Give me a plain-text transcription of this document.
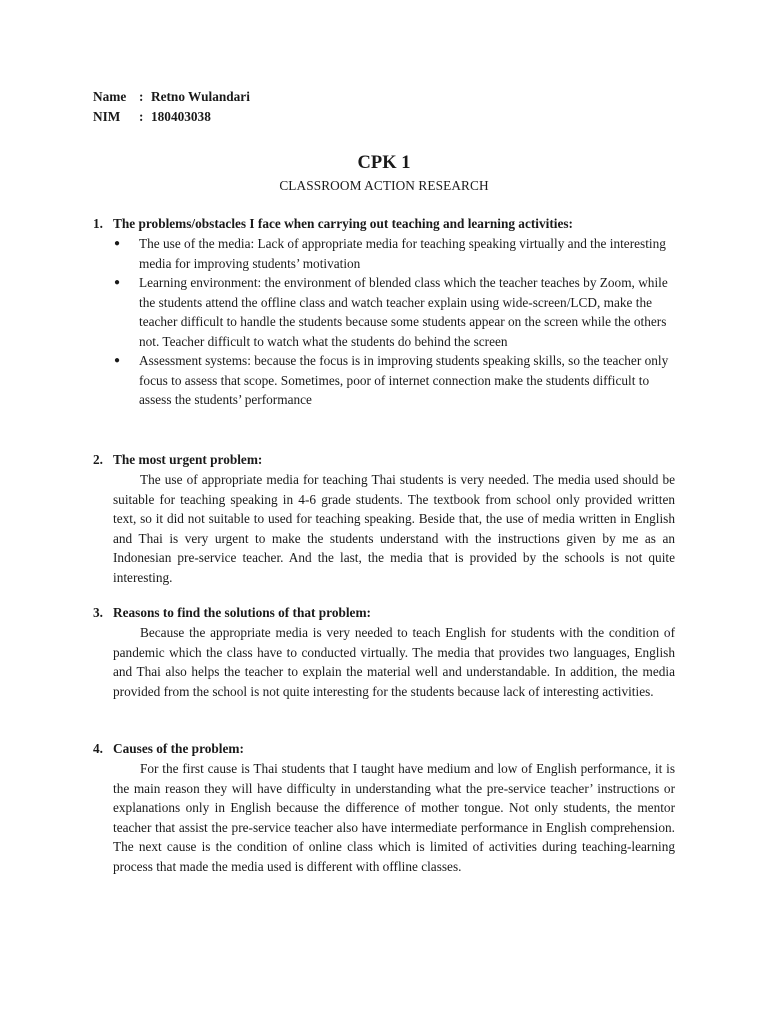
Name : Retno Wulandari
NIM	: 180403038
CPK 1
CLASSROOM ACTION RESEARCH
1. The problems/obstacles I face when carrying out teaching and learning activities:
●	The use of the media: Lack of appropriate media for teaching speaking virtually and the interesting media for improving students’ motivation
●	Learning environment: the environment of blended class which the teacher teaches by Zoom, while the students attend the offline class and watch teacher explain using wide-screen/LCD, make the teacher difficult to handle the students because some students appear on the screen while the others not. Teacher difficult to watch what the students do behind the screen
●	Assessment systems: because the focus is in improving students speaking skills, so the teacher only focus to assess that scope. Sometimes, poor of internet connection make the students difficult to assess the students’ performance
2. The most urgent problem:

The use of appropriate media for teaching Thai students is very needed. The media used should be suitable for teaching speaking in 4-6 grade students. The textbook from school only provided written text, so it did not suitable to used for teaching speaking. Beside that, the use of media written in English and Thai is very urgent to make the students understand with the instructions given by me as an Indonesian pre-service teacher. And the last, the media that is provided by the schools is not quite interesting.

3. Reasons to find the solutions of that problem:

Because the appropriate media is very needed to teach English for students with the condition of pandemic which the class have to conducted virtually. The media that provides two languages, English and Thai also helps the teacher to explain the material well and understandable. In addition, the media provided from the school is not quite interesting for the students because lack of interesting activities.

4. Causes of the problem:

For the first cause is Thai students that I taught have medium and low of English performance, it is the main reason they will have difficulty in understanding what the pre-service teacher’ instructions or explanations only in English because the difference of mother tongue. Not only students, the mentor teacher that assist the pre-service teacher also have intermediate performance in English comprehension. The next cause is the condition of online class which is limited of activities during teaching-learning process that made the media used is different with offline classes.
